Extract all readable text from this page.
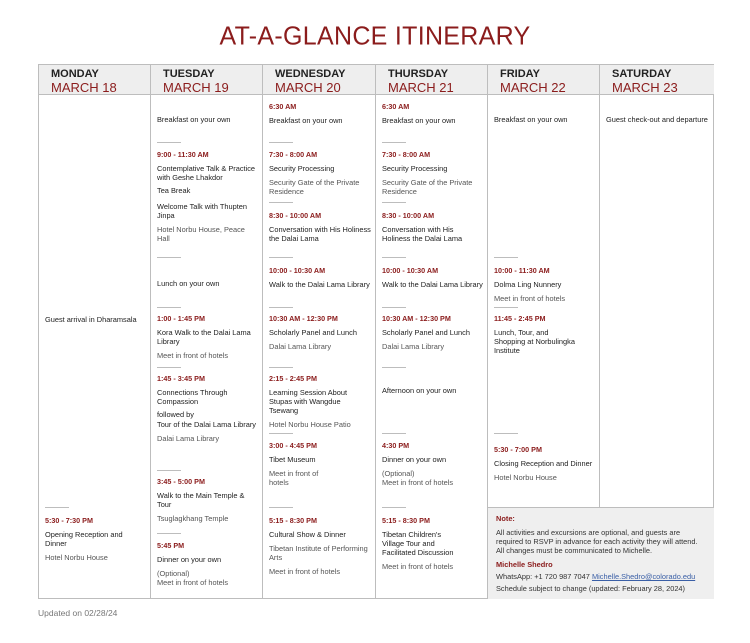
AT-A-GLANCE ITINERARY
MONDAY
MARCH 18
TUESDAY
MARCH 19
WEDNESDAY
MARCH 20
THURSDAY
MARCH 21
FRIDAY
MARCH 22
SATURDAY
MARCH 23
Guest arrival in Dharamsala
5:30 - 7:30 PM
Opening Reception and Dinner
Hotel Norbu House
Breakfast on your own
9:00 - 11:30 AM
Contemplative Talk & Practice with Geshe Lhakdor
Tea Break
Welcome Talk with Thupten Jinpa
Hotel Norbu House, Peace Hall
Lunch on your own
1:00 - 1:45 PM
Kora Walk to the Dalai Lama Library
Meet in front of hotels
1:45 - 3:45 PM
Connections Through Compassion
followed by
Tour of the Dalai Lama Library
Dalai Lama Library
3:45 - 5:00 PM
Walk to the Main Temple & Tour
Tsuglagkhang Temple
5:45 PM
Dinner on your own
(Optional)
Meet in front of hotels
6:30 AM
Breakfast on your own
7:30 - 8:00 AM
Security Processing
Security Gate of the Private Residence
8:30 - 10:00 AM
Conversation with His Holiness the Dalai Lama
10:00 - 10:30 AM
Walk to the Dalai Lama Library
10:30 AM - 12:30 PM
Scholarly Panel and Lunch
Dalai Lama Library
2:15 - 2:45 PM
Learning Session About Stupas with Wangdue Tsewang
Hotel Norbu House Patio
3:00 - 4:45 PM
Tibet Museum
Meet in front of hotels
5:15 - 8:30 PM
Cultural Show & Dinner
Tibetan Institute of Performing Arts
Meet in front of hotels
6:30 AM
Breakfast on your own
7:30 - 8:00 AM
Security Processing
Security Gate of the Private Residence
8:30 - 10:00 AM
Conversation with His Holiness the Dalai Lama
10:00 - 10:30 AM
Walk to the Dalai Lama Library
10:30 AM - 12:30 PM
Scholarly Panel and Lunch
Dalai Lama Library
Afternoon on your own
4:30 PM
Dinner on your own
(Optional)
Meet in front of hotels
5:15 - 8:30 PM
Tibetan Children's Village Tour and Facilitated Discussion
Meet in front of hotels
Breakfast on your own
10:00 - 11:30 AM
Dolma Ling Nunnery
Meet in front of hotels
11:45 - 2:45 PM
Lunch, Tour, and Shopping at Norbulingka Institute
5:30 - 7:00 PM
Closing Reception and Dinner
Hotel Norbu House
Guest check-out and departure
Note:
All activities and excursions are optional, and guests are required to RSVP in advance for each activity they will attend. All changes must be communicated to Michelle.
Michelle Shedro
WhatsApp: +1 720 987 7047 Michelle.Shedro@colorado.edu
Schedule subject to change (updated: February 28, 2024)
Updated on 02/28/24
